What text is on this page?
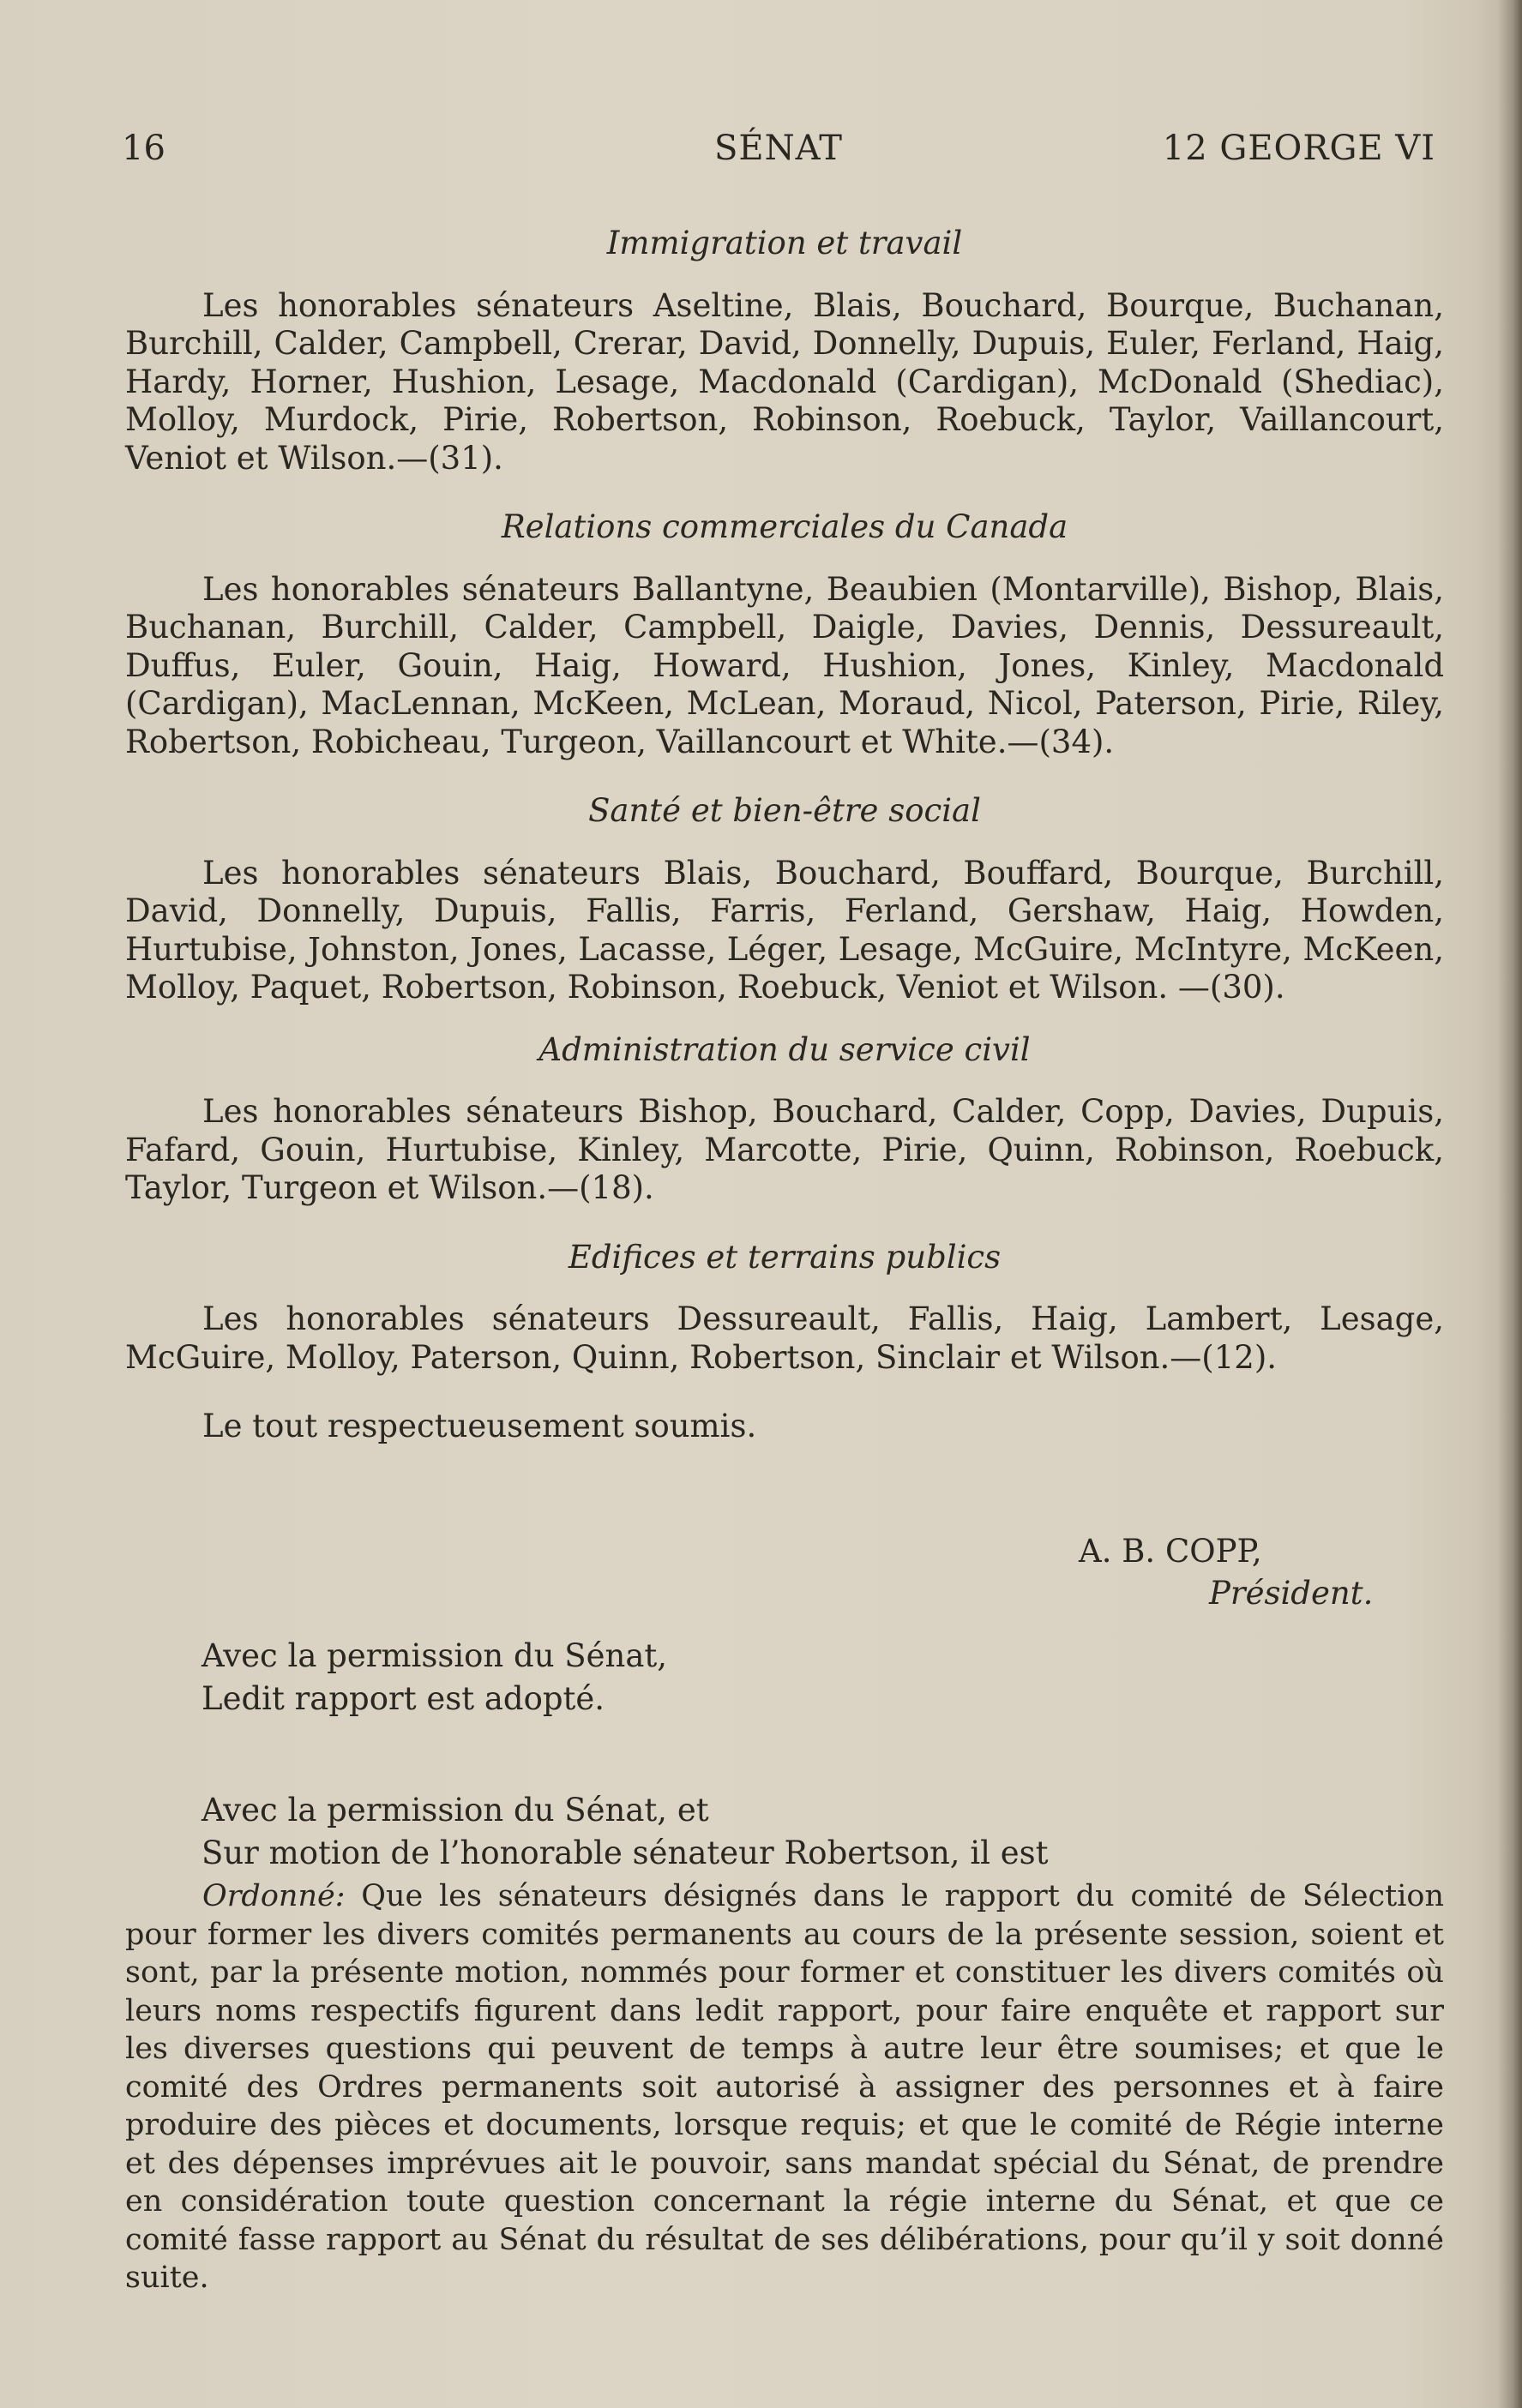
16	SÉNAT	12 GEORGE VI

Immigration et travail

Les honorables sénateurs Aseltine, Blais, Bouchard, Bourque, Buchanan, Burchill, Calder, Campbell, Crerar, David, Donnelly, Dupuis, Euler, Ferland, Haig, Hardy, Horner, Hushion, Lesage, Macdonald (Cardigan), McDonald (Shediac), Molloy, Murdock, Pirie, Robertson, Robinson, Roebuck, Taylor, Vaillancourt, Veniot et Wilson.—(31).

Relations commerciales du Canada

Les honorables sénateurs Ballantyne, Beaubien (Montarville), Bishop, Blais, Buchanan, Burchill, Calder, Campbell, Daigle, Davies, Dennis, Dessureault, Duffus, Euler, Gouin, Haig, Howard, Hushion, Jones, Kinley, Macdonald (Cardigan), MacLennan, McKeen, McLean, Moraud, Nicol, Paterson, Pirie, Riley, Robertson, Robicheau, Turgeon, Vaillancourt et White.—(34).

Santé et bien-être social

Les honorables sénateurs Blais, Bouchard, Bouffard, Bourque, Burchill, David, Donnelly, Dupuis, Fallis, Farris, Ferland, Gershaw, Haig, Howden, Hurtubise, Johnston, Jones, Lacasse, Léger, Lesage, McGuire, McIntyre, McKeen, Molloy, Paquet, Robertson, Robinson, Roebuck, Veniot et Wilson. —(30).

Administration du service civil

Les honorables sénateurs Bishop, Bouchard, Calder, Copp, Davies, Dupuis, Fafard, Gouin, Hurtubise, Kinley, Marcotte, Pirie, Quinn, Robinson, Roebuck, Taylor, Turgeon et Wilson.—(18).

Edifices et terrains publics

Les honorables sénateurs Dessureault, Fallis, Haig, Lambert, Lesage, McGuire, Molloy, Paterson, Quinn, Robertson, Sinclair et Wilson.—(12).

Le tout respectueusement soumis.

A. B. COPP,
Président.
Avec la permission du Sénat,
Ledit rapport est adopté.
Avec la permission du Sénat, et
Sur motion de l’honorable sénateur Robertson, il est

Ordonné: Que les sénateurs désignés dans le rapport du comité de Sélection pour former les divers comités permanents au cours de la présente session, soient et sont, par la présente motion, nommés pour former et constituer les divers comités où leurs noms respectifs figurent dans ledit rapport, pour faire enquête et rapport sur les diverses questions qui peuvent de temps à autre leur être soumises; et que le comité des Ordres permanents soit autorisé à assigner des personnes et à faire produire des pièces et documents, lorsque requis; et que le comité de Régie interne et des dépenses imprévues ait le pouvoir, sans mandat spécial du Sénat, de prendre en considération toute question concernant la régie interne du Sénat, et que ce comité fasse rapport au Sénat du résultat de ses délibérations, pour qu’il y soit donné suite.
